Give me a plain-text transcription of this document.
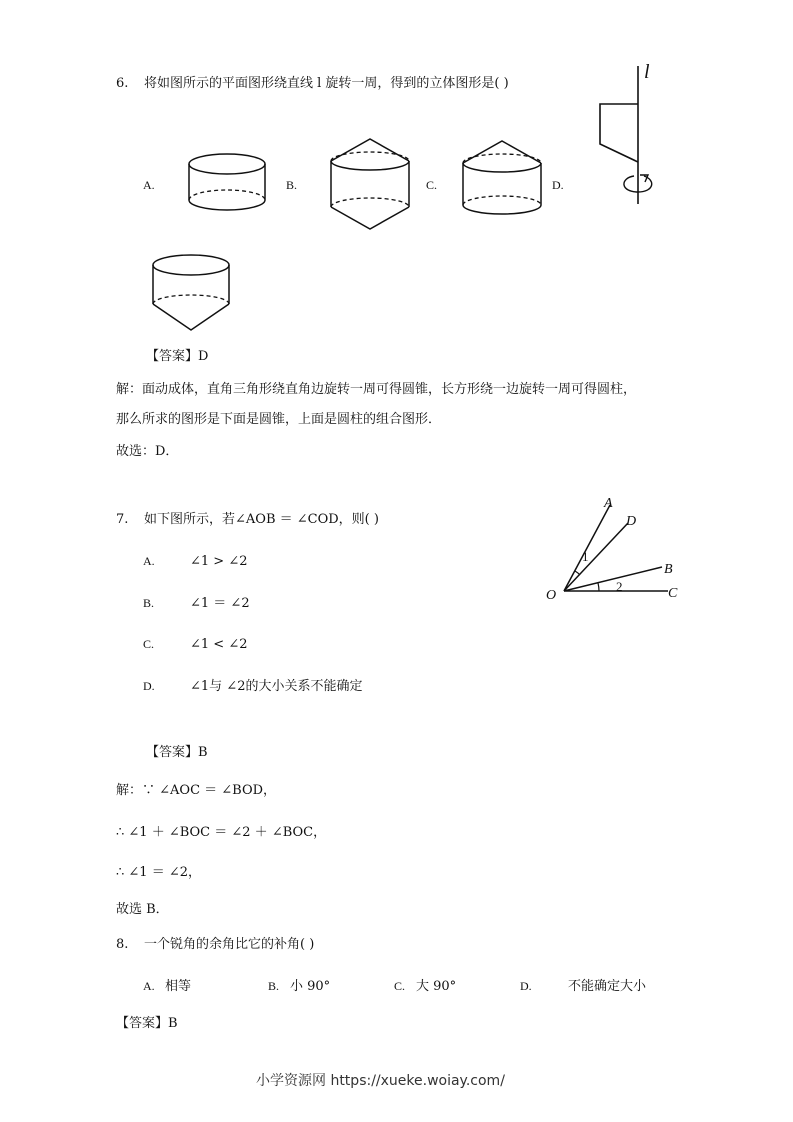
6. 将如图所示的平面图形绕直线 l 旋转一周，得到的立体图形是( )
A.	B.	C.	D.
l
【答案】D
解：面动成体，直角三角形绕直角边旋转一周可得圆锥，长方形绕一边旋转一周可得圆柱，
那么所求的图形是下面是圆锥，上面是圆柱的组合图形．
故选：D．
7. 如下图所示，若∠AOB ＝ ∠COD，则( )
A.	∠1 > ∠2
B.	∠1 ＝ ∠2
C.	∠1 < ∠2
D.	∠1与 ∠2的大小关系不能确定
A
D
B
C
O
1
2
【答案】B
解：∵ ∠AOC ＝ ∠BOD，
∴ ∠1 ＋ ∠BOC ＝ ∠2 ＋ ∠BOC，
∴ ∠1 ＝ ∠2，
故选 B．
8. 一个锐角的余角比它的补角( )
A. 相等	B. 小 90°	C. 大 90°	D.	不能确定大小
【答案】B
小学资源网 https://xueke.woiay.com/
